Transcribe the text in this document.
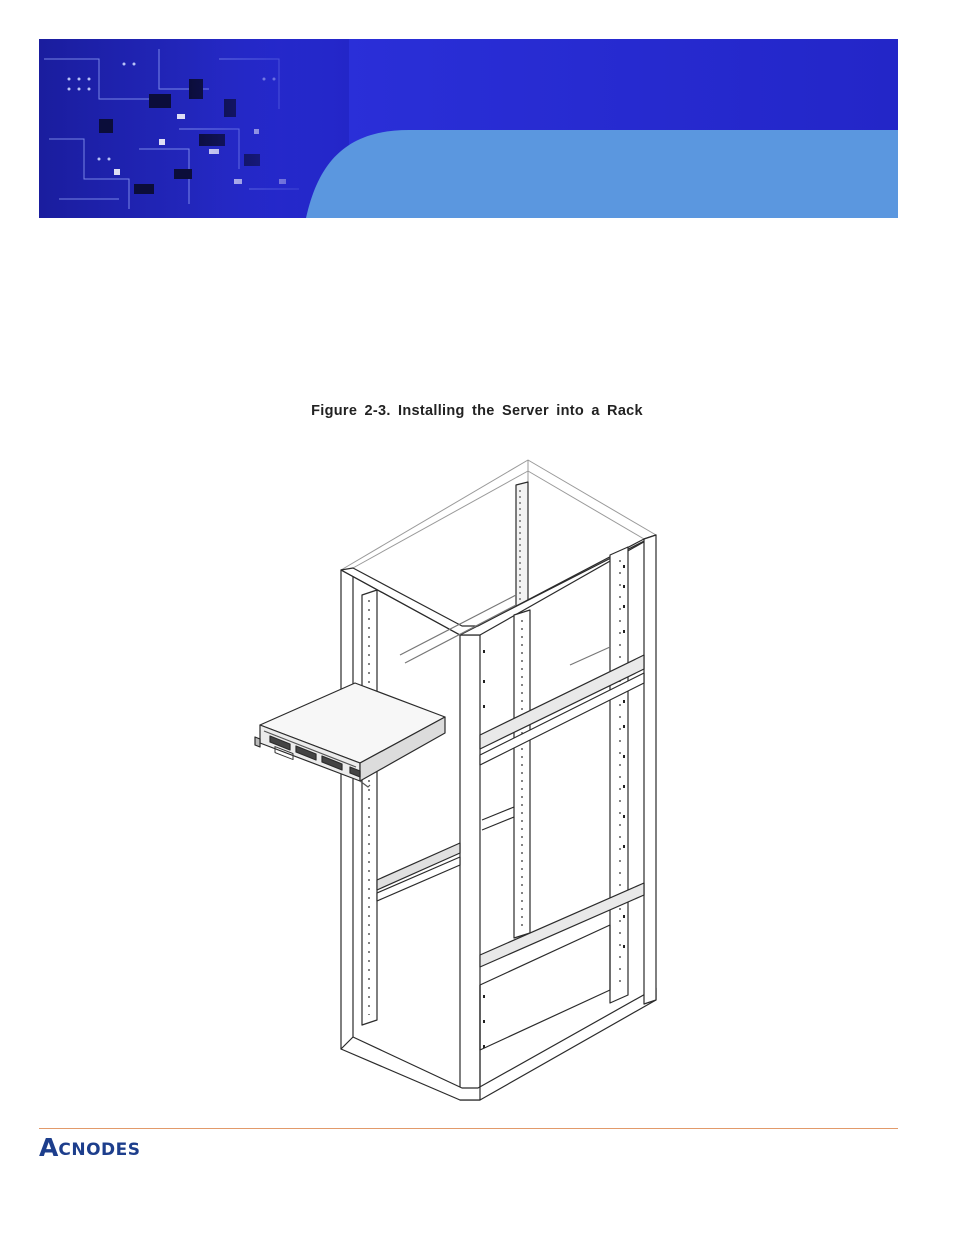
Figure 2-3. Installing the Server into a Rack
A CNODES
